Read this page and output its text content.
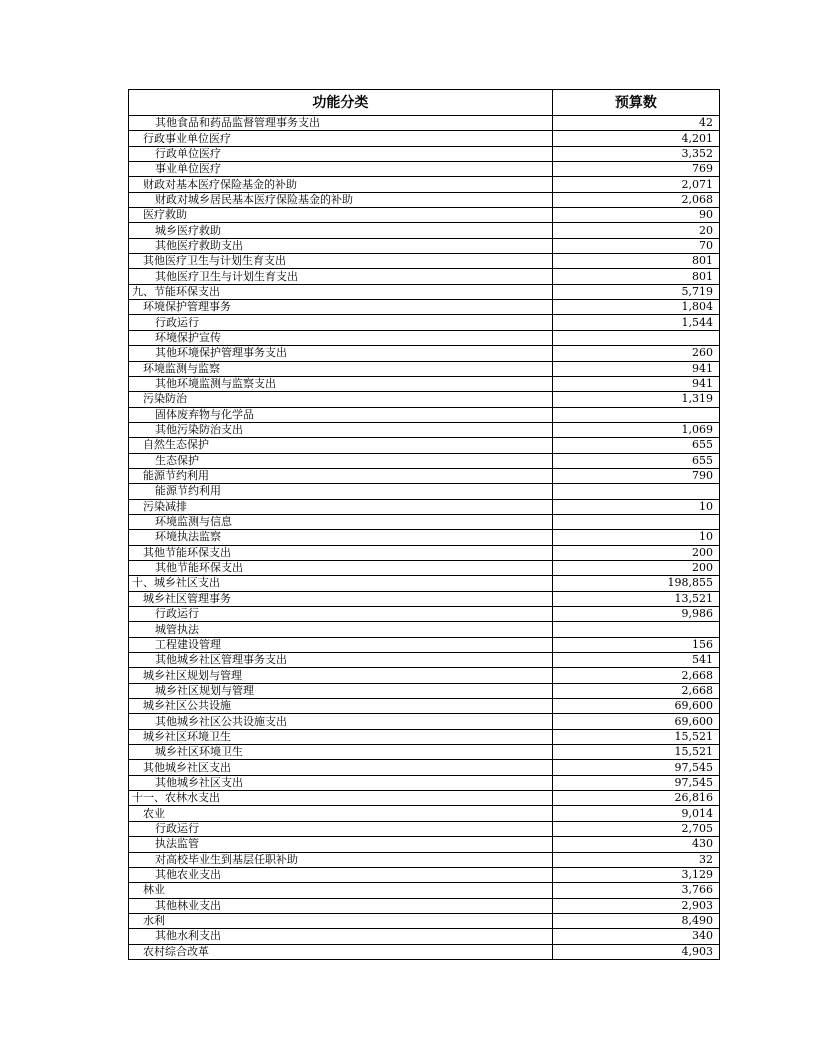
功能分类	预算数
其他食品和药品监督管理事务支出	42
行政事业单位医疗	4,201
行政单位医疗	3,352
事业单位医疗	769
财政对基本医疗保险基金的补助	2,071
财政对城乡居民基本医疗保险基金的补助	2,068
医疗救助	90
城乡医疗救助	20
其他医疗救助支出	70
其他医疗卫生与计划生育支出	801
其他医疗卫生与计划生育支出	801
九、节能环保支出	5,719
环境保护管理事务	1,804
行政运行	1,544
环境保护宣传	
其他环境保护管理事务支出	260
环境监测与监察	941
其他环境监测与监察支出	941
污染防治	1,319
固体废弃物与化学品	
其他污染防治支出	1,069
自然生态保护	655
生态保护	655
能源节约利用	790
能源节约利用	
污染减排	10
环境监测与信息	
环境执法监察	10
其他节能环保支出	200
其他节能环保支出	200
十、城乡社区支出	198,855
城乡社区管理事务	13,521
行政运行	9,986
城管执法	
工程建设管理	156
其他城乡社区管理事务支出	541
城乡社区规划与管理	2,668
城乡社区规划与管理	2,668
城乡社区公共设施	69,600
其他城乡社区公共设施支出	69,600
城乡社区环境卫生	15,521
城乡社区环境卫生	15,521
其他城乡社区支出	97,545
其他城乡社区支出	97,545
十一、农林水支出	26,816
农业	9,014
行政运行	2,705
执法监管	430
对高校毕业生到基层任职补助	32
其他农业支出	3,129
林业	3,766
其他林业支出	2,903
水利	8,490
其他水利支出	340
农村综合改革	4,903
